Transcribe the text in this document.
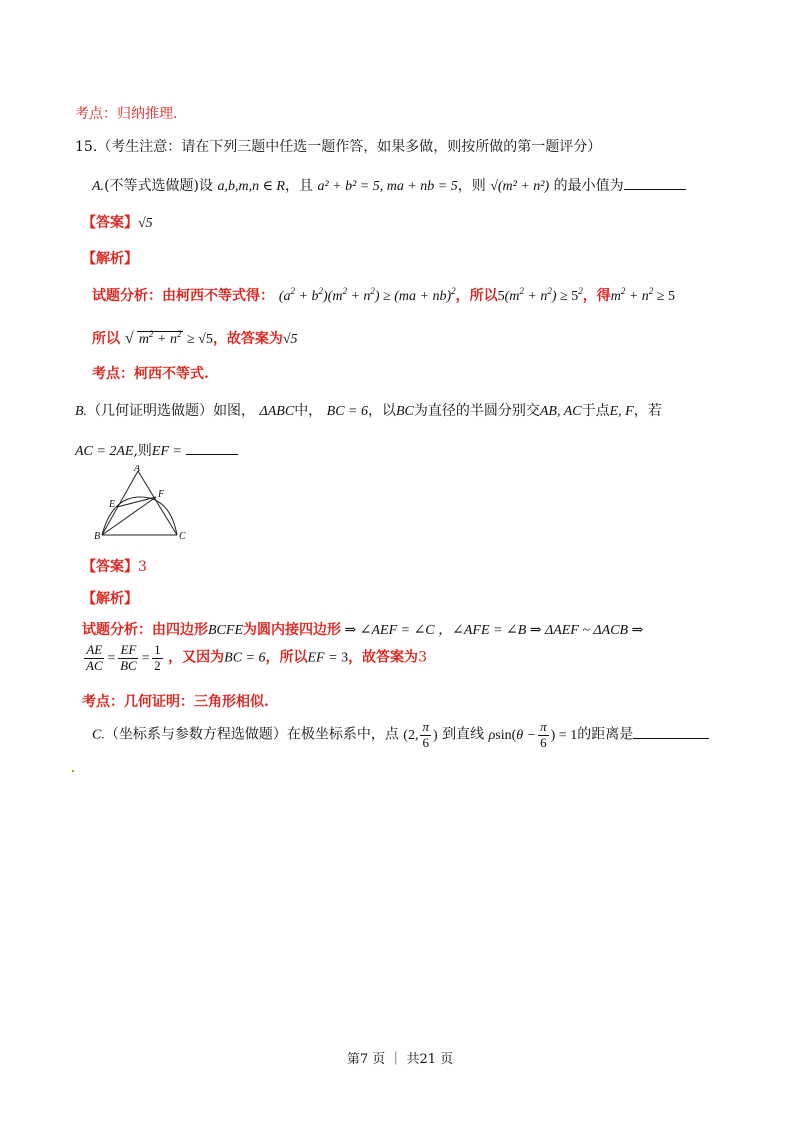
考点：归纳推理.
15.（考生注意：请在下列三题中任选一题作答，如果多做，则按所做的第一题评分）
A.(不等式选做题)设 a,b,m,n ∈ R，且 a² + b² = 5, ma + nb = 5，则 √(m² + n²) 的最小值为
【答案】√5
【解析】
试题分析：由柯西不等式得： $(a^2 + b^2)(m^2 + n^2) \ge (ma + nb)^2$，所以$5(m^2 + n^2) \ge 5^2$，得$m^2 + n^2 \ge 5$
所以 √ $m^2 + n^2 \ge √5$，故答案为√5
考点：柯西不等式.
B.（几何证明选做题）如图， ΔABC中， BC = 6，以BC为直径的半圆分别交AB, AC于点E, F，若
AC = 2AE,则EF =
A
B	C
E
F
【答案】3
【解析】
试题分析：由四边形BCFE为圆内接四边形 ⇒ ∠AEF = ∠C ，∠AFE = ∠B ⇒ ΔAEF ~ ΔACB ⇒
$\frac{AE}{AC} = \frac{EF}{BC} = \frac{1}{2}$ ，又因为BC = 6，所以EF = 3，故答案为3
考点：几何证明：三角形相似.
C.（坐标系与参数方程选做题）在极坐标系中，点 (2, $\frac{\pi}{6}$ ) 到直线 $\rho\sin(\theta - \frac{\pi}{6}$ ) = 1的距离是
第7 页 ｜ 共21 页
